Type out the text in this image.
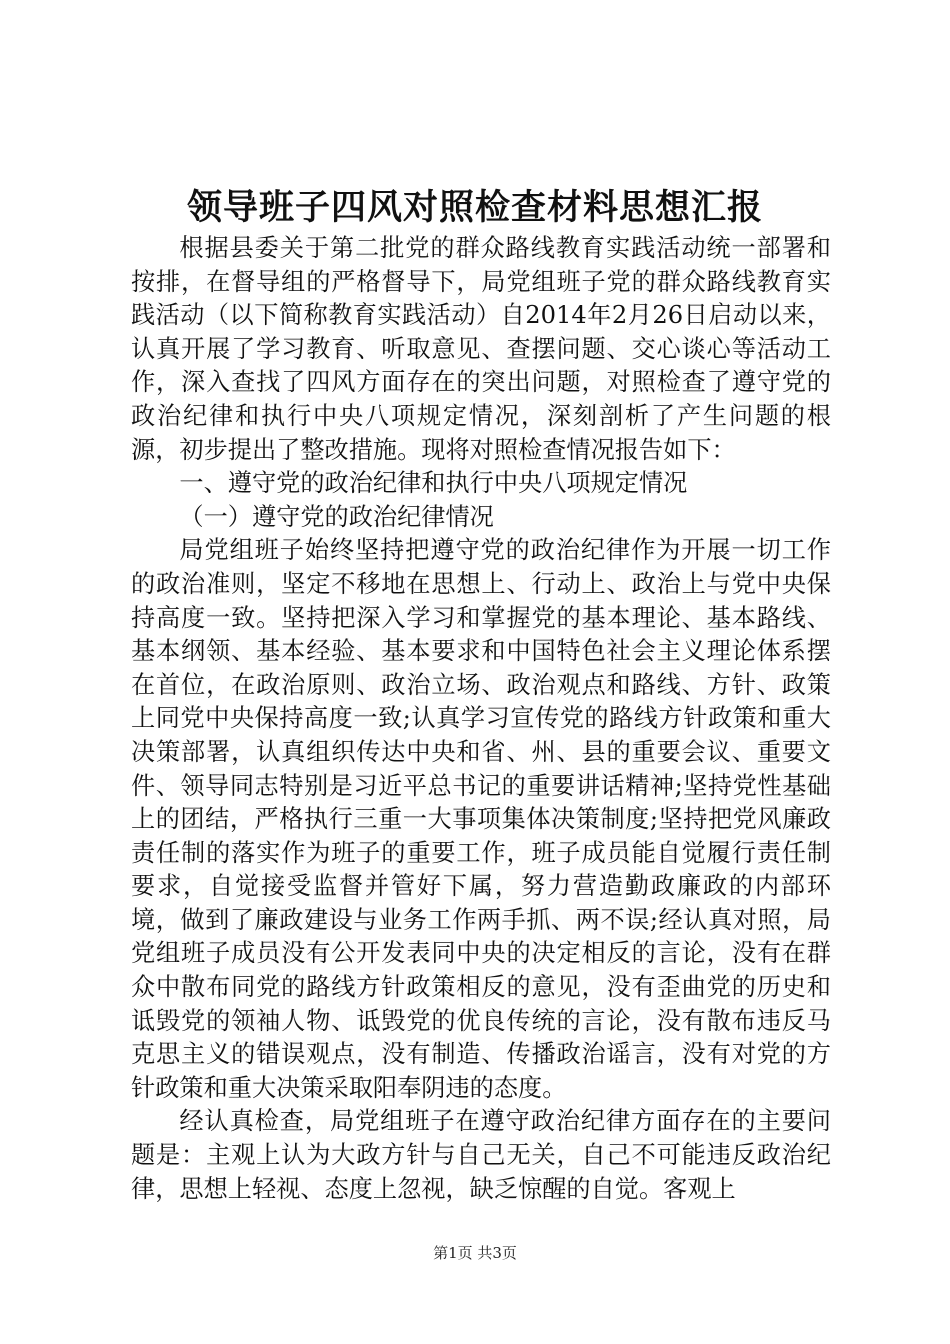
领导班子四风对照检查材料思想汇报

根据县委关于第二批党的群众路线教育实践活动统一部署和按排，在督导组的严格督导下，局党组班子党的群众路线教育实践活动（以下简称教育实践活动）自2014年2月26日启动以来，认真开展了学习教育、听取意见、查摆问题、交心谈心等活动工作，深入查找了四风方面存在的突出问题，对照检查了遵守党的政治纪律和执行中央八项规定情况，深刻剖析了产生问题的根源，初步提出了整改措施。现将对照检查情况报告如下：

一、遵守党的政治纪律和执行中央八项规定情况

（一）遵守党的政治纪律情况

局党组班子始终坚持把遵守党的政治纪律作为开展一切工作的政治准则，坚定不移地在思想上、行动上、政治上与党中央保持高度一致。坚持把深入学习和掌握党的基本理论、基本路线、基本纲领、基本经验、基本要求和中国特色社会主义理论体系摆在首位，在政治原则、政治立场、政治观点和路线、方针、政策上同党中央保持高度一致;认真学习宣传党的路线方针政策和重大决策部署，认真组织传达中央和省、州、县的重要会议、重要文件、领导同志特别是习近平总书记的重要讲话精神;坚持党性基础上的团结，严格执行三重一大事项集体决策制度;坚持把党风廉政责任制的落实作为班子的重要工作，班子成员能自觉履行责任制要求，自觉接受监督并管好下属，努力营造勤政廉政的内部环境，做到了廉政建设与业务工作两手抓、两不误;经认真对照，局党组班子成员没有公开发表同中央的决定相反的言论，没有在群众中散布同党的路线方针政策相反的意见，没有歪曲党的历史和诋毁党的领袖人物、诋毁党的优良传统的言论，没有散布违反马克思主义的错误观点，没有制造、传播政治谣言，没有对党的方针政策和重大决策采取阳奉阴违的态度。

经认真检查，局党组班子在遵守政治纪律方面存在的主要问题是：主观上认为大政方针与自己无关，自己不可能违反政治纪律，思想上轻视、态度上忽视，缺乏惊醒的自觉。客观上

第1页 共3页
